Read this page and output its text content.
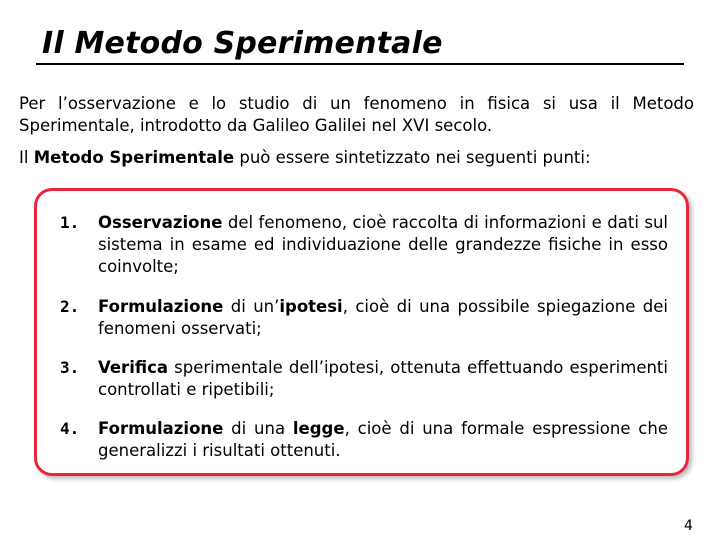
Il Metodo Sperimentale

Per l’osservazione e lo studio di un fenomeno in fisica si usa il Metodo Sperimentale, introdotto da Galileo Galilei nel XVI secolo.

Il Metodo Sperimentale può essere sintetizzato nei seguenti punti:

1. Osservazione del fenomeno, cioè raccolta di informazioni e dati sul sistema in esame ed individuazione delle grandezze fisiche in esso coinvolte;
2. Formulazione di un’ipotesi, cioè di una possibile spiegazione dei fenomeni osservati;
3. Verifica sperimentale dell’ipotesi, ottenuta effettuando esperimenti controllati e ripetibili;
4. Formulazione di una legge, cioè di una formale espressione che generalizzi i risultati ottenuti.
4
